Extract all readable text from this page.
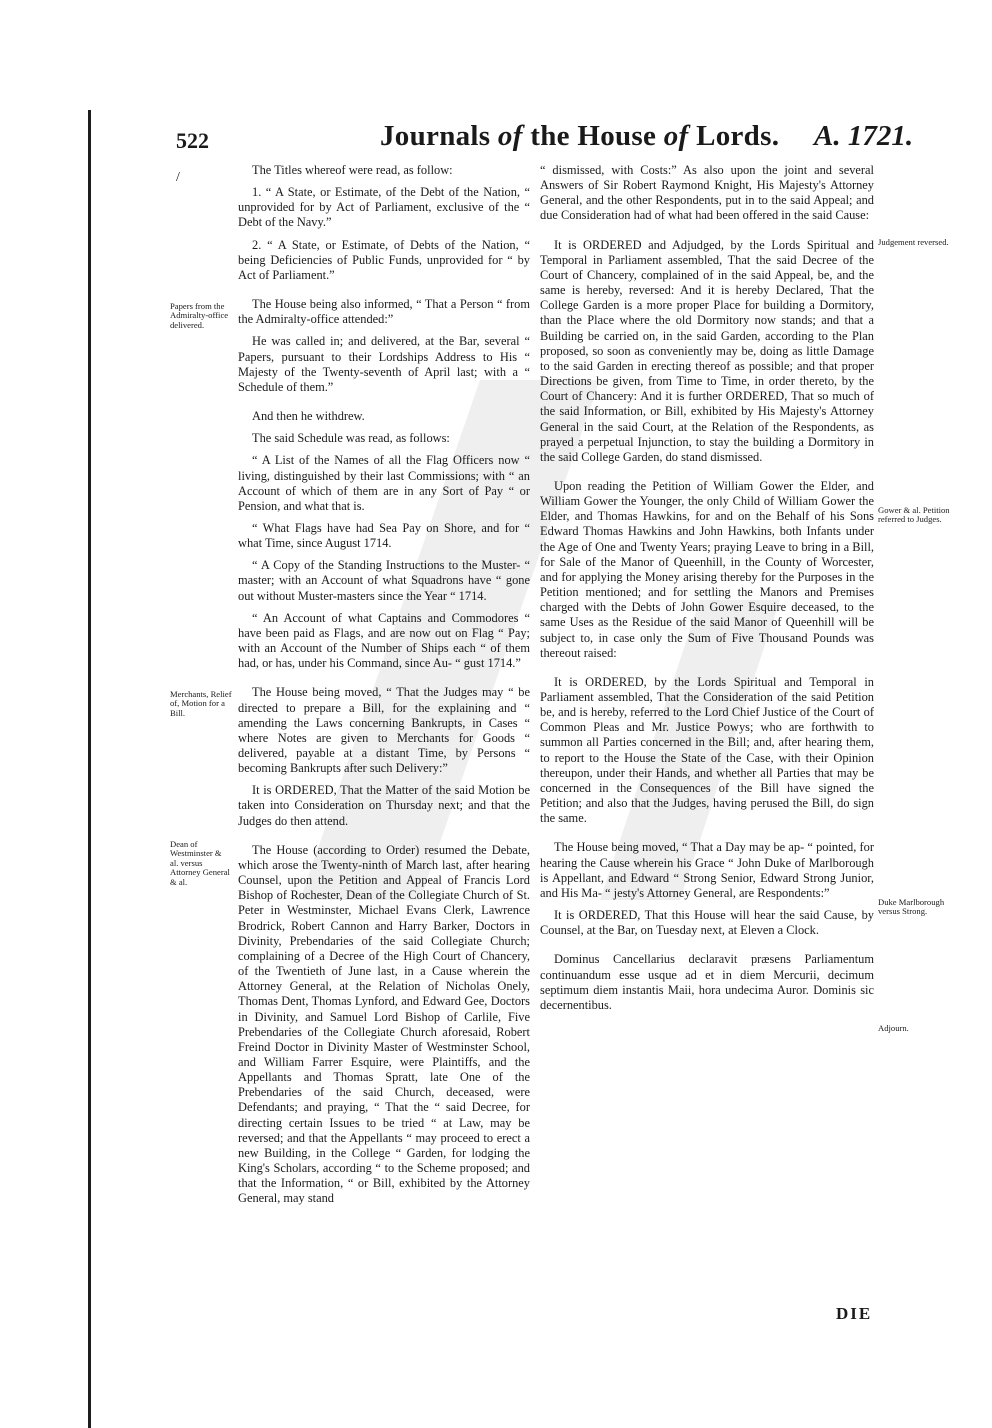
522	Journals of the House of Lords. A. 1721.
/	The Titles whereof were read, as follow:

1. “ A State, or Estimate, of the Debt of the Nation, “ unprovided for by Act of Parliament, exclusive of the “ Debt of the Navy.”

2. “ A State, or Estimate, of Debts of the Nation, “ being Deficiencies of Public Funds, unprovided for “ by Act of Parliament.”

The House being also informed, “ That a Person “ from the Admiralty-office attended:”

He was called in; and delivered, at the Bar, several “ Papers, pursuant to their Lordships Address to His “ Majesty of the Twenty-seventh of April last; with a “ Schedule of them.”

And then he withdrew.

The said Schedule was read, as follows:

“ A List of the Names of all the Flag Officers now “ living, distinguished by their last Commissions; with “ an Account of which of them are in any Sort of Pay “ or Pension, and what that is.

“ What Flags have had Sea Pay on Shore, and for “ what Time, since August 1714.

“ A Copy of the Standing Instructions to the Muster- “ master; with an Account of what Squadrons have “ gone out without Muster-masters since the Year “ 1714.

“ An Account of what Captains and Commodores “ have been paid as Flags, and are now out on Flag “ Pay; with an Account of the Number of Ships each “ of them had, or has, under his Command, since Au- “ gust 1714.”

The House being moved, “ That the Judges may “ be directed to prepare a Bill, for the explaining and “ amending the Laws concerning Bankrupts, in Cases “ where Notes are given to Merchants for Goods “ delivered, payable at a distant Time, by Persons “ becoming Bankrupts after such Delivery:”

It is ORDERED, That the Matter of the said Motion be taken into Consideration on Thursday next; and that the Judges do then attend.

The House (according to Order) resumed the Debate, which arose the Twenty-ninth of March last, after hearing Counsel, upon the Petition and Appeal of Francis Lord Bishop of Rochester, Dean of the Collegiate Church of St. Peter in Westminster, Michael Evans Clerk, Lawrence Brodrick, Robert Cannon and Harry Barker, Doctors in Divinity, Prebendaries of the said Collegiate Church; complaining of a Decree of the High Court of Chancery, of the Twentieth of June last, in a Cause wherein the Attorney General, at the Relation of Nicholas Onely, Thomas Dent, Thomas Lynford, and Edward Gee, Doctors in Divinity, and Samuel Lord Bishop of Carlile, Five Prebendaries of the Collegiate Church aforesaid, Robert Freind Doctor in Divinity Master of Westminster School, and William Farrer Esquire, were Plaintiffs, and the Appellants and Thomas Spratt, late One of the Prebendaries of the said Church, deceased, were Defendants; and praying, “ That the “ said Decree, for directing certain Issues to be tried “ at Law, may be reversed; and that the Appellants “ may proceed to erect a new Building, in the College “ Garden, for lodging the King's Scholars, according “ to the Scheme proposed; and that the Information, “ or Bill, exhibited by the Attorney General, may stand

“ dismissed, with Costs:” As also upon the joint and several Answers of Sir Robert Raymond Knight, His Majesty's Attorney General, and the other Respondents, put in to the said Appeal; and due Consideration had of what had been offered in the said Cause:

It is ORDERED and Adjudged, by the Lords Spiritual and Temporal in Parliament assembled, That the said Decree of the Court of Chancery, complained of in the said Appeal, be, and the same is hereby, reversed: And it is hereby Declared, That the College Garden is a more proper Place for building a Dormitory, than the Place where the old Dormitory now stands; and that a Building be carried on, in the said Garden, according to the Plan proposed, so soon as conveniently may be, doing as little Damage to the said Garden in erecting thereof as possible; and that proper Directions be given, from Time to Time, in order thereto, by the Court of Chancery: And it is further ORDERED, That so much of the said Information, or Bill, exhibited by His Majesty's Attorney General in the said Court, at the Relation of the Respondents, as prayed a perpetual Injunction, to stay the building a Dormitory in the said College Garden, do stand dismissed.

Upon reading the Petition of William Gower the Elder, and William Gower the Younger, the only Child of William Gower the Elder, and Thomas Hawkins, for and on the Behalf of his Sons Edward Thomas Hawkins and John Hawkins, both Infants under the Age of One and Twenty Years; praying Leave to bring in a Bill, for Sale of the Manor of Queenhill, in the County of Worcester, and for applying the Money arising thereby for the Purposes in the Petition mentioned; and for settling the Manors and Premises charged with the Debts of John Gower Esquire deceased, to the same Uses as the Residue of the said Manor of Queenhill will be subject to, in case only the Sum of Five Thousand Pounds was thereout raised:

It is ORDERED, by the Lords Spiritual and Temporal in Parliament assembled, That the Consideration of the said Petition be, and is hereby, referred to the Lord Chief Justice of the Court of Common Pleas and Mr. Justice Powys; who are forthwith to summon all Parties concerned in the Bill; and, after hearing them, to report to the House the State of the Case, with their Opinion thereupon, under their Hands, and whether all Parties that may be concerned in the Consequences of the Bill have signed the Petition; and also that the Judges, having perused the Bill, do sign the same.

The House being moved, “ That a Day may be ap- “ pointed, for hearing the Cause wherein his Grace “ John Duke of Marlborough is Appellant, and Edward “ Strong Senior, Edward Strong Junior, and His Ma- “ jesty's Attorney General, are Respondents:”

It is ORDERED, That this House will hear the said Cause, by Counsel, at the Bar, on Tuesday next, at Eleven a Clock.

Dominus Cancellarius declaravit præsens Parliamentum continuandum esse usque ad et in diem Mercurii, decimum septimum diem instantis Maii, hora undecima Auror. Dominis sic decernentibus.

Papers from the Admiralty-office delivered.
Merchants, Relief of, Motion for a Bill.
Dean of Westminster & al. versus Attorney General & al.
Judgement reversed.
Gower & al. Petition referred to Judges.
Duke Marlborough versus Strong.
Adjourn.
DIE
